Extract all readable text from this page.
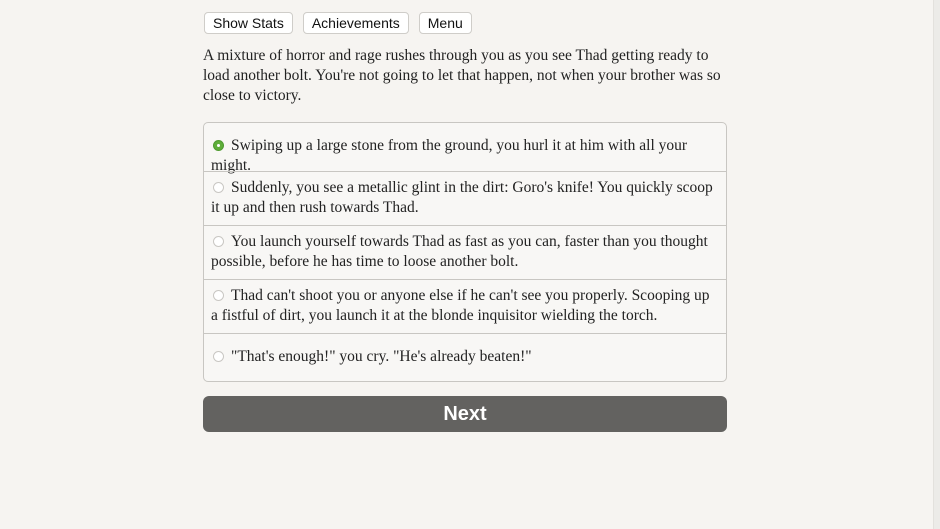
Show Stats	Achievements	Menu

A mixture of horror and rage rushes through you as you see Thad getting ready to load another bolt. You're not going to let that happen, not when your brother was so close to victory.

Swiping up a large stone from the ground, you hurl it at him with all your might.
Suddenly, you see a metallic glint in the dirt: Goro's knife! You quickly scoop it up and then rush towards Thad.
You launch yourself towards Thad as fast as you can, faster than you thought possible, before he has time to loose another bolt.
Thad can't shoot you or anyone else if he can't see you properly. Scooping up a fistful of dirt, you launch it at the blonde inquisitor wielding the torch.
"That's enough!" you cry. "He's already beaten!"
Next
